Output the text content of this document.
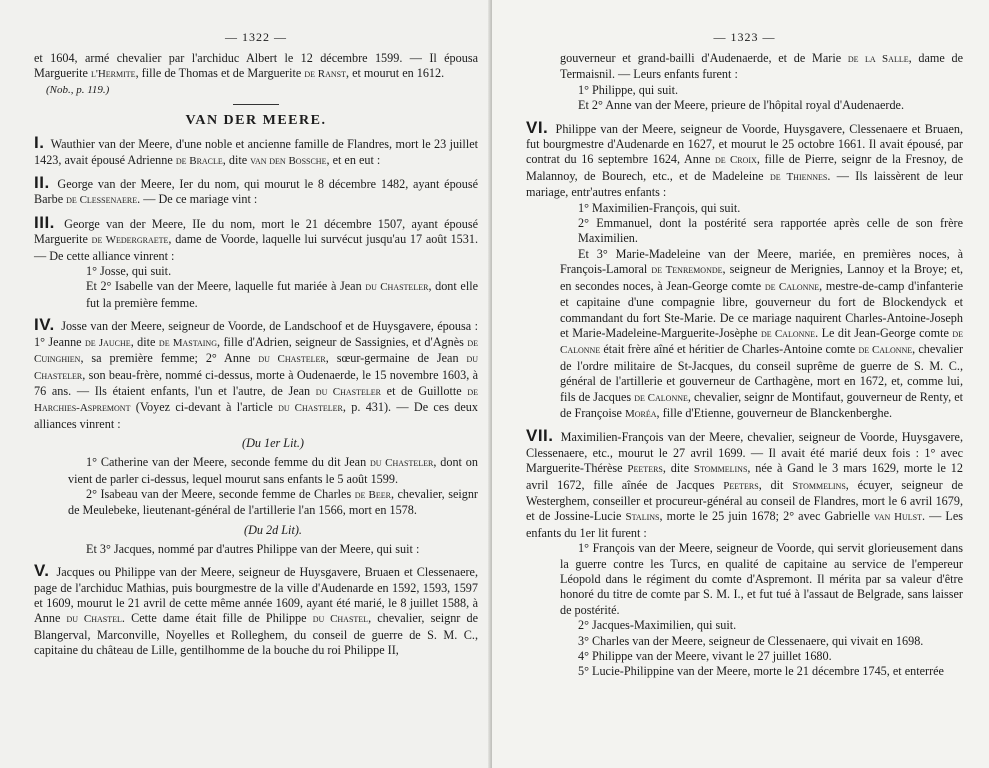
— 1322 —

et 1604, armé chevalier par l'archiduc Albert le 12 décembre 1599. — Il épousa Marguerite l'Hermite, fille de Thomas et de Marguerite de Ranst, et mourut en 1612.

(Nob., p. 119.)

VAN DER MEERE.

I. Wauthier van der Meere, d'une noble et ancienne famille de Flandres, mort le 23 juillet 1423, avait épousé Adrienne de Bracle, dite van den Bossche, et en eut :

II. George van der Meere, Ier du nom, qui mourut le 8 décembre 1482, ayant épousé Barbe de Clessenaere. — De ce mariage vint :

III. George van der Meere, IIe du nom, mort le 21 décembre 1507, ayant épousé Marguerite de Wedergraete, dame de Voorde, laquelle lui survécut jusqu'au 17 août 1531. — De cette alliance vinrent :

1° Josse, qui suit.

Et 2° Isabelle van der Meere, laquelle fut mariée à Jean du Chasteler, dont elle fut la première femme.

IV. Josse van der Meere, seigneur de Voorde, de Landschoof et de Huysgavere, épousa : 1° Jeanne de Jauche, dite de Mastaing, fille d'Adrien, seigneur de Sassignies, et d'Agnès de Cuinghien, sa première femme; 2° Anne du Chasteler, sœur-germaine de Jean du Chasteler, son beau-frère, nommé ci-dessus, morte à Oudenaerde, le 15 novembre 1603, à 76 ans. — Ils étaient enfants, l'un et l'autre, de Jean du Chasteler et de Guillotte de Harchies-Aspremont (Voyez ci-devant à l'article du Chasteler, p. 431). — De ces deux alliances vinrent :

(Du 1er Lit.)

1° Catherine van der Meere, seconde femme du dit Jean du Chasteler, dont on vient de parler ci-dessus, lequel mourut sans enfants le 5 août 1599.

2° Isabeau van der Meere, seconde femme de Charles de Beer, chevalier, seignr de Meulebeke, lieutenant-général de l'artillerie l'an 1566, mort en 1578.

(Du 2d Lit).

Et 3° Jacques, nommé par d'autres Philippe van der Meere, qui suit :

V. Jacques ou Philippe van der Meere, seigneur de Huysgavere, Bruaen et Clessenaere, page de l'archiduc Mathias, puis bourgmestre de la ville d'Audenarde en 1592, 1593, 1597 et 1609, mourut le 21 avril de cette même année 1609, ayant été marié, le 8 juillet 1588, à Anne du Chastel. Cette dame était fille de Philippe du Chastel, chevalier, seignr de Blangerval, Marconville, Noyelles et Rolleghem, du conseil de guerre de S. M. C., capitaine du château de Lille, gentilhomme de la bouche du roi Philippe II,

— 1323 —

gouverneur et grand-bailli d'Audenaerde, et de Marie de la Salle, dame de Termaisnil. — Leurs enfants furent :

1° Philippe, qui suit.

Et 2° Anne van der Meere, prieure de l'hôpital royal d'Audenaerde.

VI. Philippe van der Meere, seigneur de Voorde, Huysgavere, Clessenaere et Bruaen, fut bourgmestre d'Audenarde en 1627, et mourut le 25 octobre 1661. Il avait épousé, par contrat du 16 septembre 1624, Anne de Croix, fille de Pierre, seignr de la Fresnoy, de Malannoy, de Bourech, etc., et de Madeleine de Thiennes. — Ils laissèrent de leur mariage, entr'autres enfants :

1° Maximilien-François, qui suit.

2° Emmanuel, dont la postérité sera rapportée après celle de son frère Maximilien.

Et 3° Marie-Madeleine van der Meere, mariée, en premières noces, à François-Lamoral de Tenremonde, seigneur de Merignies, Lannoy et la Broye; et, en secondes noces, à Jean-George comte de Calonne, mestre-de-camp d'infanterie et capitaine d'une compagnie libre, gouverneur du fort de Blockendyck et commandant du fort Ste-Marie. De ce mariage naquirent Charles-Antoine-Joseph et Marie-Madeleine-Marguerite-Josèphe de Calonne. Le dit Jean-George comte de Calonne était frère aîné et héritier de Charles-Antoine comte de Calonne, chevalier de l'ordre militaire de St-Jacques, du conseil suprême de guerre de S. M. C., général de l'artillerie et gouverneur de Carthagène, mort en 1672, et, comme lui, fils de Jacques de Calonne, chevalier, seignr de Montifaut, gouverneur de Renty, et de Françoise Moréa, fille d'Etienne, gouverneur de Blanckenberghe.

VII. Maximilien-François van der Meere, chevalier, seigneur de Voorde, Huysgavere, Clessenaere, etc., mourut le 27 avril 1699. — Il avait été marié deux fois : 1° avec Marguerite-Thérèse Peeters, dite Stommelins, née à Gand le 3 mars 1629, morte le 12 avril 1672, fille aînée de Jacques Peeters, dit Stommelins, écuyer, seigneur de Westerghem, conseiller et procureur-général au conseil de Flandres, mort le 6 avril 1679, et de Jossine-Lucie Stalins, morte le 25 juin 1678; 2° avec Gabrielle van Hulst. — Les enfants du 1er lit furent :

1° François van der Meere, seigneur de Voorde, qui servit glorieusement dans la guerre contre les Turcs, en qualité de capitaine au service de l'empereur Léopold dans le régiment du comte d'Aspremont. Il mérita par sa valeur d'être honoré du titre de comte par S. M. I., et fut tué à l'assaut de Belgrade, sans laisser de postérité.

2° Jacques-Maximilien, qui suit.

3° Charles van der Meere, seigneur de Clessenaere, qui vivait en 1698.

4° Philippe van der Meere, vivant le 27 juillet 1680.

5° Lucie-Philippine van der Meere, morte le 21 décembre 1745, et enterrée
